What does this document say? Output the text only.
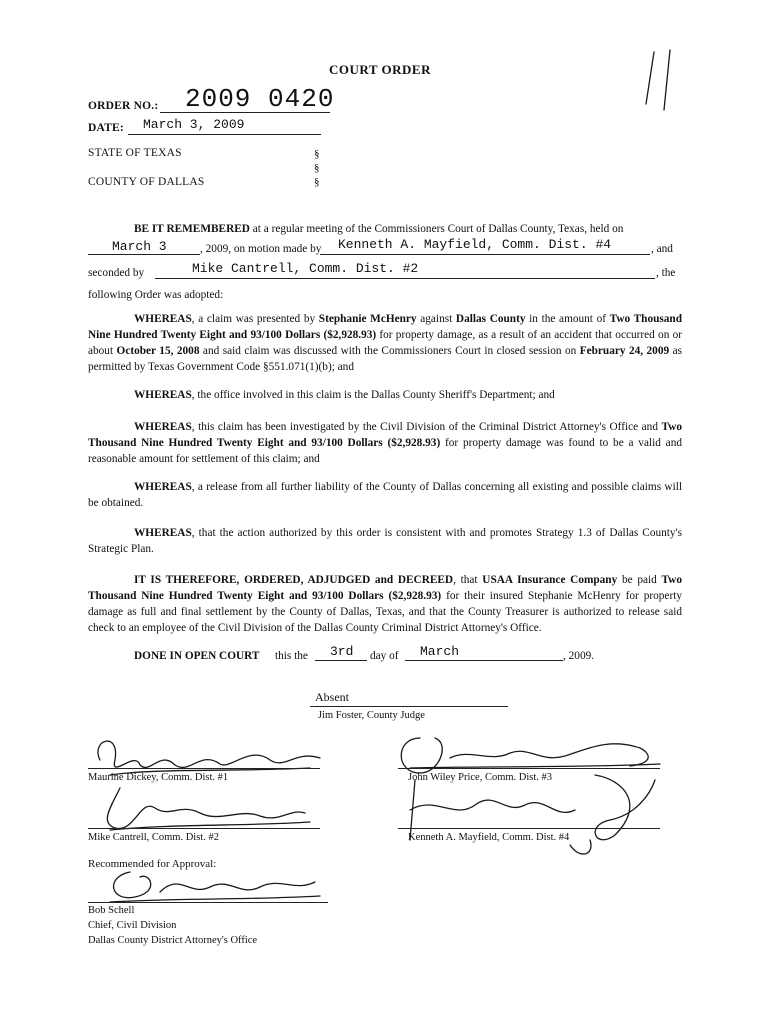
COURT ORDER
ORDER NO.: 2009 0420
DATE: March 3, 2009
STATE OF TEXAS
COUNTY OF DALLAS
§
§
§
BE IT REMEMBERED at a regular meeting of the Commissioners Court of Dallas County, Texas, held on
March 3	, 2009, on motion made by Kenneth A. Mayfield, Comm. Dist. #4	, and
seconded by	Mike Cantrell, Comm. Dist. #2	, the
following Order was adopted:
WHEREAS, a claim was presented by Stephanie McHenry against Dallas County in the amount of Two Thousand Nine Hundred Twenty Eight and 93/100 Dollars ($2,928.93) for property damage, as a result of an accident that occurred on or about October 15, 2008 and said claim was discussed with the Commissioners Court in closed session on February 24, 2009 as permitted by Texas Government Code §551.071(1)(b); and
WHEREAS, the office involved in this claim is the Dallas County Sheriff's Department; and
WHEREAS, this claim has been investigated by the Civil Division of the Criminal District Attorney's Office and Two Thousand Nine Hundred Twenty Eight and 93/100 Dollars ($2,928.93) for property damage was found to be a valid and reasonable amount for settlement of this claim; and
WHEREAS, a release from all further liability of the County of Dallas concerning all existing and possible claims will be obtained.
WHEREAS, that the action authorized by this order is consistent with and promotes Strategy 1.3 of Dallas County's Strategic Plan.
IT IS THEREFORE, ORDERED, ADJUDGED and DECREED, that USAA Insurance Company be paid Two Thousand Nine Hundred Twenty Eight and 93/100 Dollars ($2,928.93) for their insured Stephanie McHenry for property damage as full and final settlement by the County of Dallas, Texas, and that the County Treasurer is authorized to release said check to an employee of the Civil Division of the Dallas County Criminal District Attorney's Office.
DONE IN OPEN COURT this the 3rd day of March	, 2009.
Absent
Jim Foster, County Judge
Maurine Dickey, Comm. Dist. #1	John Wiley Price, Comm. Dist. #3
Mike Cantrell, Comm. Dist. #2	Kenneth A. Mayfield, Comm. Dist. #4
Recommended for Approval:
Bob Schell
Chief, Civil Division
Dallas County District Attorney's Office
